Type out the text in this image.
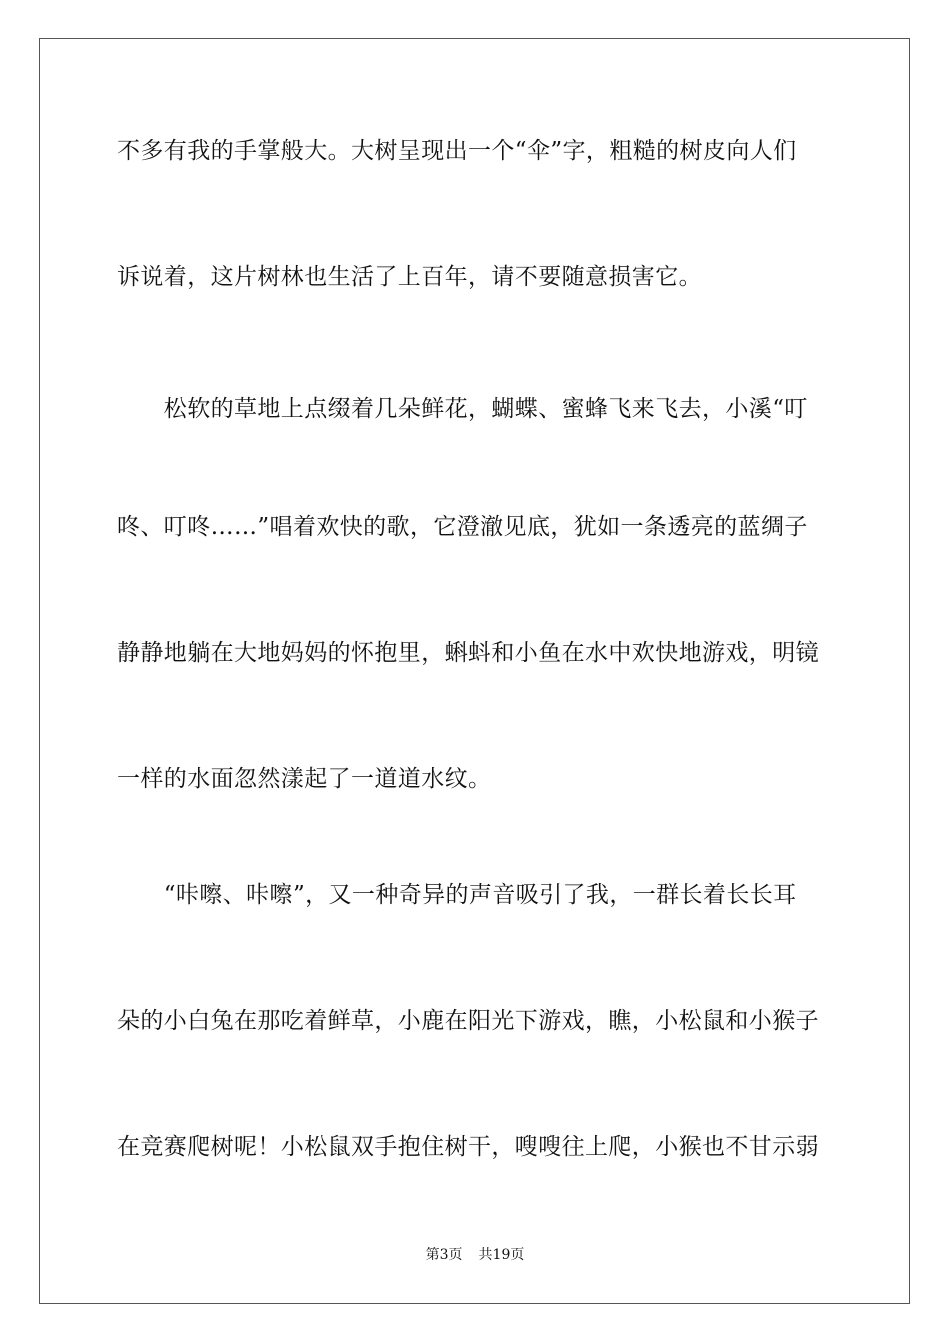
不多有我的手掌般大。大树呈现出一个“伞”字，粗糙的树皮向人们
诉说着，这片树林也生活了上百年，请不要随意损害它。
　　松软的草地上点缀着几朵鲜花，蝴蝶、蜜蜂飞来飞去，小溪“叮
咚、叮咚……”唱着欢快的歌，它澄澈见底，犹如一条透亮的蓝绸子
静静地躺在大地妈妈的怀抱里，蝌蚪和小鱼在水中欢快地游戏，明镜
一样的水面忽然漾起了一道道水纹。
　　“咔嚓、咔嚓”，又一种奇异的声音吸引了我，一群长着长长耳
朵的小白兔在那吃着鲜草，小鹿在阳光下游戏，瞧，小松鼠和小猴子
在竞赛爬树呢！小松鼠双手抱住树干，嗖嗖往上爬，小猴也不甘示弱
第3页 共19页
